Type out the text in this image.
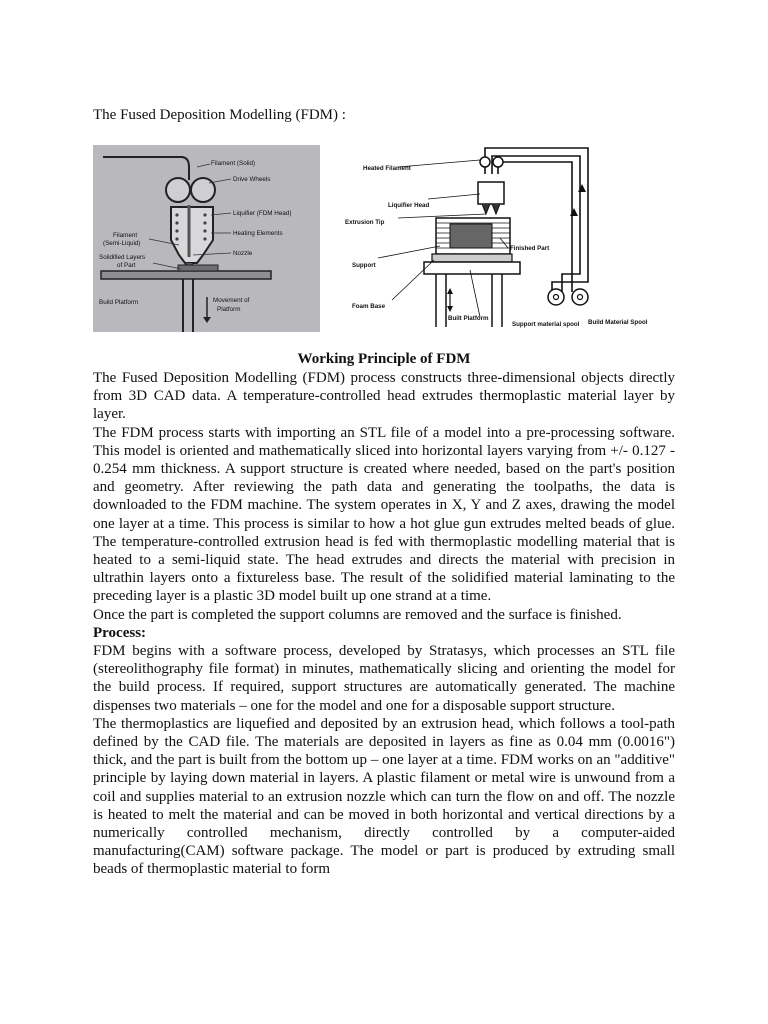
The Fused Deposition Modelling (FDM) :
Filament (Solid)
Drive Wheels
Liquifier (FDM Head)
Heating Elements
Nozzle
Filament
(Semi-Liquid)
Solidified Layers
of Part
Build Platform	Movement of
Platform
Heated Filament
Liquifier Head
Extrusion Tip
Finished Part
Support
Foam Base
Built Platform
Support material spool Build Material Spool
Working Principle of FDM

The Fused Deposition Modelling (FDM) process constructs three-dimensional objects directly from 3D CAD data. A temperature-controlled head extrudes thermoplastic material layer by layer.

The FDM process starts with importing an STL file of a model into a pre-processing software. This model is oriented and mathematically sliced into horizontal layers varying from +/- 0.127 - 0.254 mm thickness. A support structure is created where needed, based on the part's position and geometry. After reviewing the path data and generating the toolpaths, the data is downloaded to the FDM machine. The system operates in X, Y and Z axes, drawing the model one layer at a time. This process is similar to how a hot glue gun extrudes melted beads of glue. The temperature-controlled extrusion head is fed with thermoplastic modelling material that is heated to a semi-liquid state. The head extrudes and directs the material with precision in ultrathin layers onto a fixtureless base. The result of the solidified material laminating to the preceding layer is a plastic 3D model built up one strand at a time.

Once the part is completed the support columns are removed and the surface is finished.

Process:

FDM begins with a software process, developed by Stratasys, which processes an STL file (stereolithography file format) in minutes, mathematically slicing and orienting the model for the build process. If required, support structures are automatically generated. The machine dispenses two materials – one for the model and one for a disposable support structure.

The thermoplastics are liquefied and deposited by an extrusion head, which follows a tool-path defined by the CAD file. The materials are deposited in layers as fine as 0.04 mm (0.0016") thick, and the part is built from the bottom up – one layer at a time. FDM works on an "additive" principle by laying down material in layers. A plastic filament or metal wire is unwound from a coil and supplies material to an extrusion nozzle which can turn the flow on and off. The nozzle is heated to melt the material and can be moved in both horizontal and vertical directions by a numerically controlled mechanism, directly controlled by a computer-aided manufacturing(CAM) software package. The model or part is produced by extruding small beads of thermoplastic material to form
